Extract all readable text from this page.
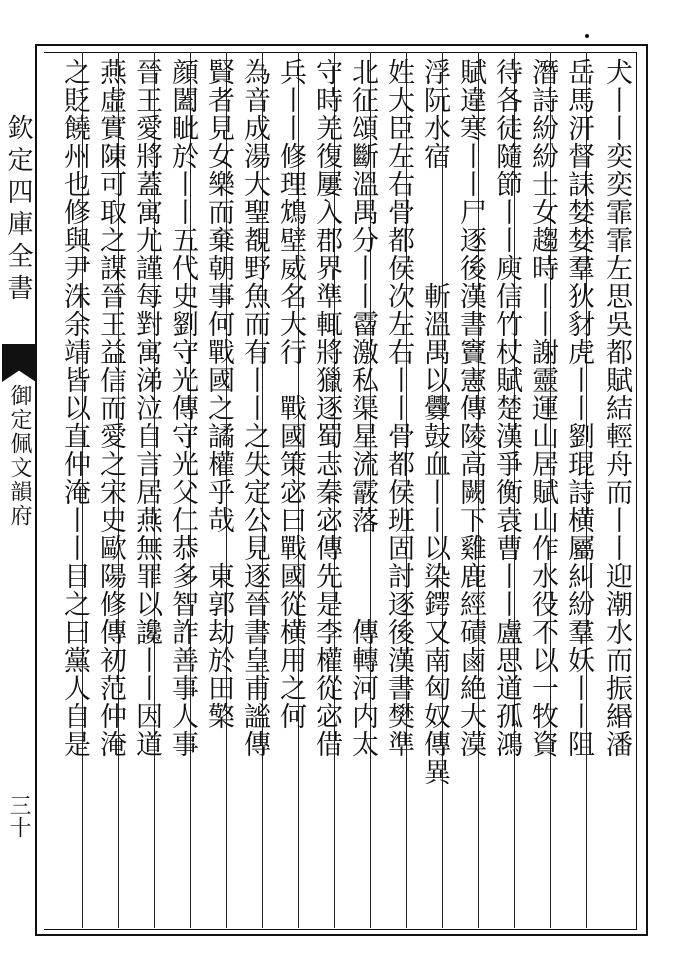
欽定四庫全書
御定佩文韻府
三十
犬丨丨奕奕霏霏左思吳都賦結輕舟而丨丨迎潮水而振緡潘
岳馬汧督誄婪婪羣狄豺虎丨丨劉琨詩横屬糾紛羣妖丨丨阻
潛詩紛紛士女趨時丨丨謝靈運山居賦山作水役不以一牧資
待各徒隨節丨丨庾信竹杖賦楚漢爭衡袁曹丨丨盧思道孤鴻
賦違寒丨丨尸逐後漢書竇憲傳陵高闕下雞鹿經磧鹵絶大漠
浮阮水宿　　　　斬溫禺以釁鼓血丨丨以染鍔又南匈奴傳異
姓大臣左右骨都侯次左右丨丨骨都侯班固討逐後漢書樊準
北征頌斷溫禺分丨丨霤激私渠星流霰落　　　傳轉河内太
守時羌復屢入郡界準輒將獵逐蜀志秦宓傳先是李權從宓借
兵丨丨修理鴆壁威名大行　戰國策宓曰戰國從横用之何
為音成湯大聖覩野魚而有丨丨之失定公見逐晉書皇甫謐傳
賢者見女樂而棄朝事何戰國之譎權乎哉　東郭劫於田檠
顔闔眦於丨丨五代史劉守光傳守光父仁恭多智詐善事人事
晉王愛將蓋寓尤謹每對寓涕泣自言居燕無罪以讒丨丨因道
燕虛實陳可取之謀晉王益信而愛之宋史歐陽修傳初范仲淹
之貶饒州也修與尹洙余靖皆以直仲淹丨丨目之曰黨人自是
